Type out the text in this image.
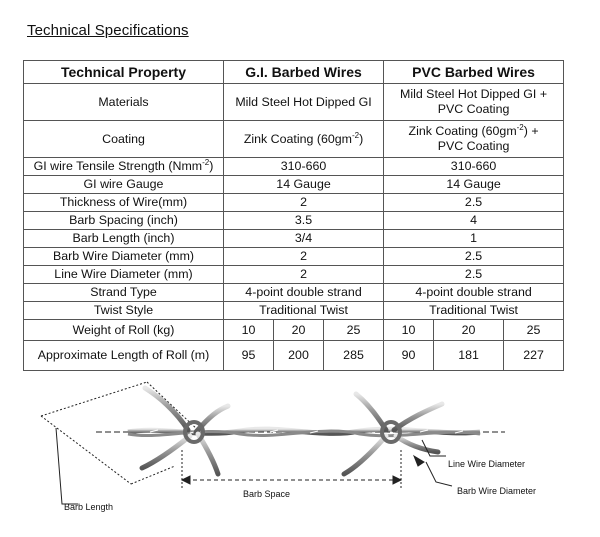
Technical Specifications
Technical Property	G.I. Barbed Wires			PVC Barbed Wires		
Materials	Mild Steel Hot Dipped GI			Mild Steel Hot Dipped GI +
PVC Coating		
Coating	Zink Coating $(60gm^{-2})$			Zink Coating $(60gm^{-2})$ +
PVC Coating		
GI wire Tensile Strength (Nmm$^{-2}$)	310-660			310-660		
GI wire Gauge	14 Gauge			14 Gauge		
Thickness of Wire(mm)	2			2.5		
Barb Spacing (inch)	3.5			4		
Barb Length (inch)	3/4			1		
Barb Wire Diameter (mm)	2			2.5		
Line Wire Diameter (mm)	2			2.5		
Strand Type	4-point double strand			4-point double strand		
Twist Style	Traditional Twist			Traditional Twist		
Weight of Roll (kg)	10	20	25	10	20	25
Approximate Length of Roll (m)	95	200	285	90	181	227
Barb Length
Barb Space
Line Wire Diameter
Barb Wire Diameter
